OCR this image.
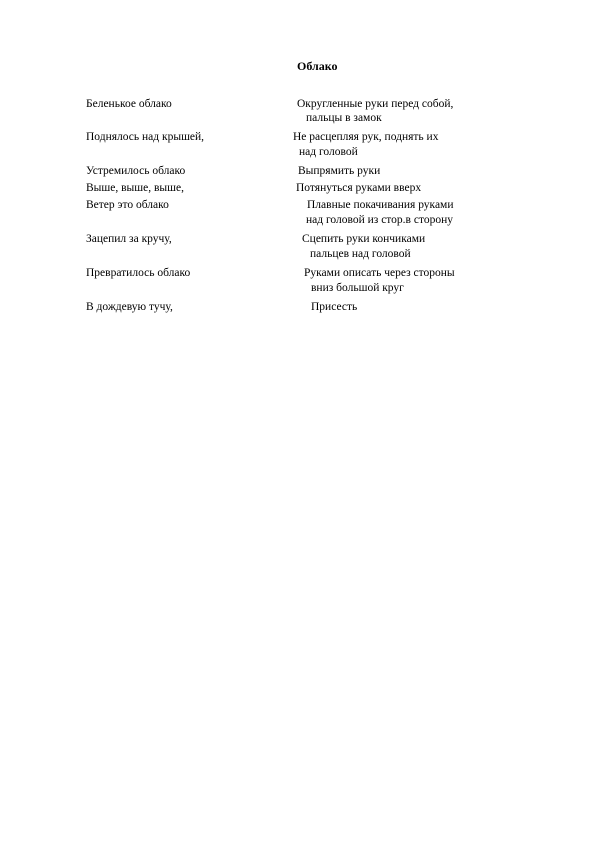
Облако
Беленькое облако	Округленные руки перед собой,
пальцы в замок
Поднялось над крышей,	Не расцепляя рук, поднять их
над головой
Устремилось облако	Выпрямить руки
Выше, выше, выше,	Потянуться руками вверх
Ветер это облако	Плавные покачивания руками
над головой из стор.в сторону
Зацепил за кручу,	Сцепить руки кончиками
пальцев над головой
Превратилось облако	Руками описать через стороны
вниз большой круг
В дождевую тучу,	Присесть
